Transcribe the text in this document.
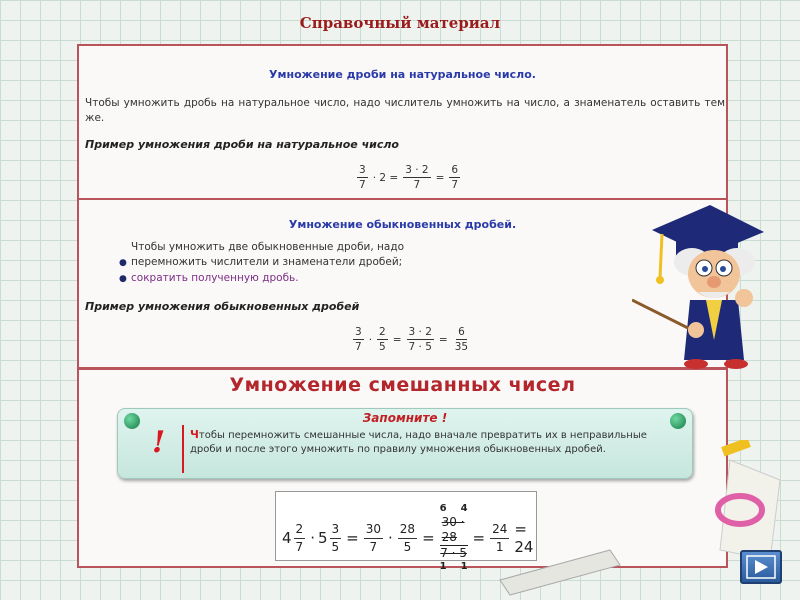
Справочный материал
Умножение дроби на натуральное число.
Чтобы умножить дробь на натуральное число, надо числитель умножить на число, а знаменатель оставить тем же.
Пример умножения дроби на натуральное число
$\frac{3}{7} \cdot 2 = \frac{3 \cdot 2}{7} = \frac{6}{7}$
Умножение обыкновенных дробей.
Чтобы умножить две обыкновенные дроби, надо
● перемножить числители и знаменатели дробей;
● сократить полученную дробь.
Пример умножения обыкновенных дробей
$\frac{3}{7} \cdot \frac{2}{5} = \frac{3 \cdot 2}{7 \cdot 5} = \frac{6}{35}$
Умножение смешанных чисел
Запомните !
! Чтобы перемножить смешанные числа, надо вначале превратить их в неправильные дроби и после этого умножить по правилу умножения обыкновенных дробей.
$4 \frac{2}{7} \cdot 5 \frac{3}{5} = \frac{30}{7} \cdot \frac{28}{5}$ =
6 4
30 · 28
7 · 5
1 1
= $\frac{24}{1} = 24$
